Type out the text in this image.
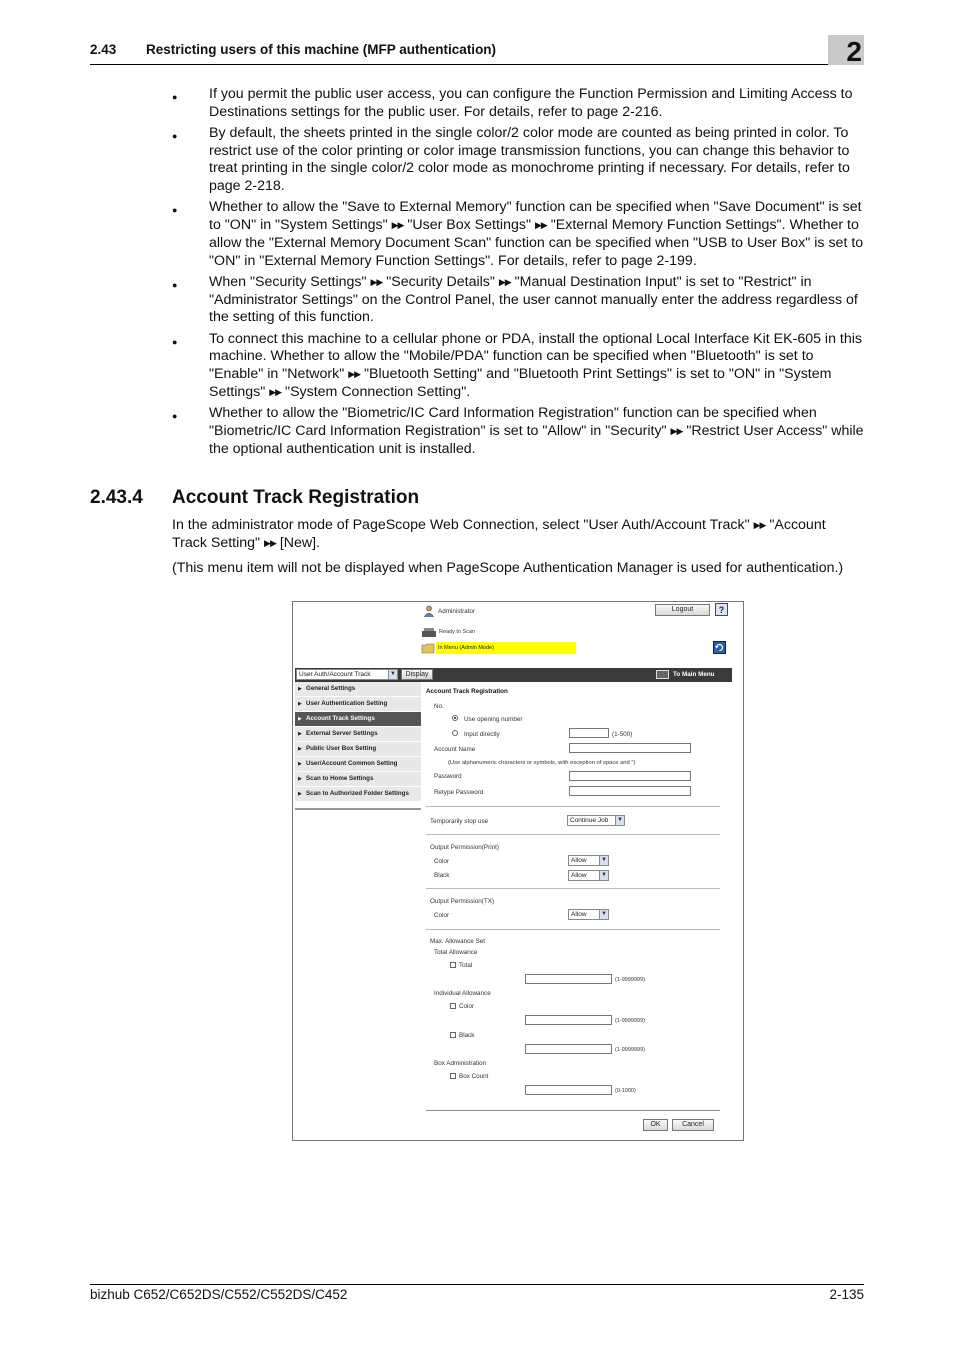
2.43 Restricting users of this machine (MFP authentication)	2
● If you permit the public user access, you can configure the Function Permission and Limiting Access to Destinations settings for the public user. For details, refer to page 2-216.
● By default, the sheets printed in the single color/2 color mode are counted as being printed in color. To restrict use of the color printing or color image transmission functions, you can change this behavior to treat printing in the single color/2 color mode as monochrome printing if necessary. For details, refer to page 2-218.
● Whether to allow the "Save to External Memory" function can be specified when "Save Document" is set to "ON" in "System Settings" ▶▶ "User Box Settings" ▶▶ "External Memory Function Settings". Whether to allow the "External Memory Document Scan" function can be specified when "USB to User Box" is set to "ON" in "External Memory Function Settings". For details, refer to page 2-199.
● When "Security Settings" ▶▶ "Security Details" ▶▶ "Manual Destination Input" is set to "Restrict" in "Administrator Settings" on the Control Panel, the user cannot manually enter the address regardless of the setting of this function.
● To connect this machine to a cellular phone or PDA, install the optional Local Interface Kit EK-605 in this machine. Whether to allow the "Mobile/PDA" function can be specified when "Bluetooth" is set to "Enable" in "Network" ▶▶ "Bluetooth Setting" and "Bluetooth Print Settings" is set to "ON" in "System Settings" ▶▶ "System Connection Setting".
● Whether to allow the "Biometric/IC Card Information Registration" function can be specified when "Biometric/IC Card Information Registration" is set to "Allow" in "Security" ▶▶ "Restrict User Access" while the optional authentication unit is installed.
2.43.4 Account Track Registration
In the administrator mode of PageScope Web Connection, select "User Auth/Account Track" ▶▶ "Account Track Setting" ▶▶ [New].
(This menu item will not be displayed when PageScope Authentication Manager is used for authentication.)
Administrator	Logout	?
Ready to Scan
In Menu (Admin Mode)
User Auth/Account Track	▼	Display	To Main Menu
▶ General Settings
▶ User Authentication Setting
▶ Account Track Settings
▶ External Server Settings
▶ Public User Box Setting
▶ User/Account Common Setting
▶ Scan to Home Settings
▶ Scan to Authorized Folder Settings
Account Track Registration
No.
Use opening number
Input directly	(1-500)
Account Name
(Use alphanumeric characters or symbols, with exception of space and ")
Password
Retype Password
Temporarily stop use	Continue Job	▼
Output Permission(Print)
Color	Allow	▼
Black	Allow	▼
Output Permission(TX)
Color	Allow	▼
Max. Allowance Set
Total Allowance
Total
(1-9999999)
Individual Allowance
Color
(1-9999999)
Black
(1-9999999)
Box Administration
Box Count
(0-1000)
OK	Cancel
bizhub C652/C652DS/C552/C552DS/C452	2-135
